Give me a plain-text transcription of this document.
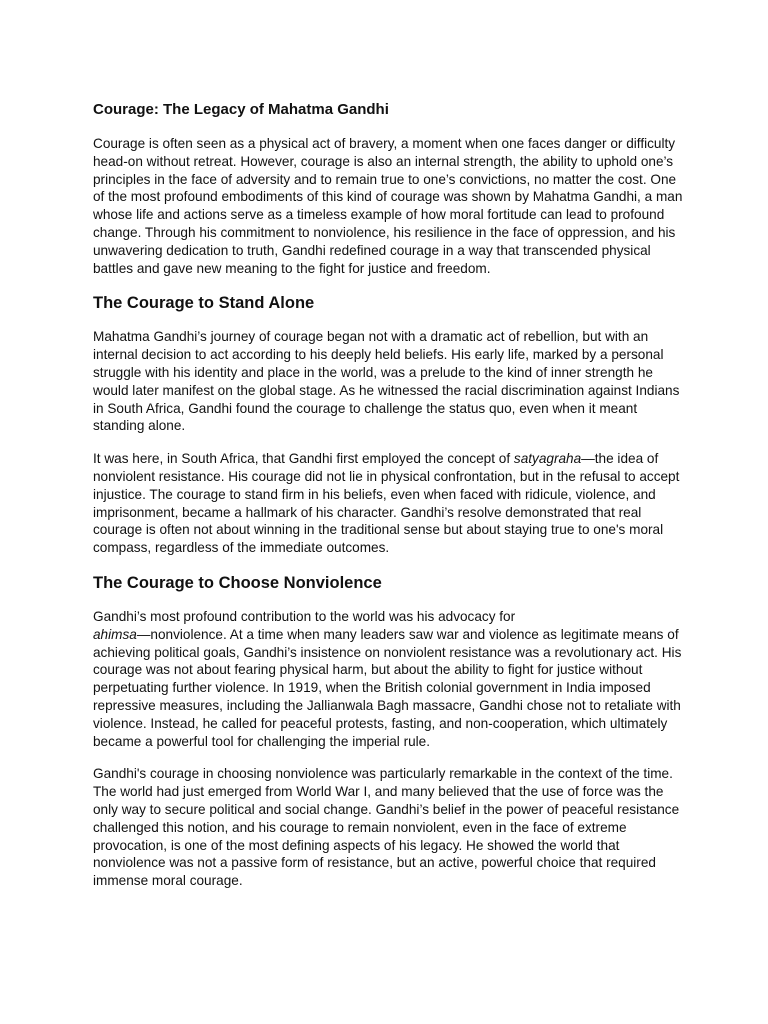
Courage: The Legacy of Mahatma Gandhi

Courage is often seen as a physical act of bravery, a moment when one faces danger or difficulty head-on without retreat. However, courage is also an internal strength, the ability to uphold one’s principles in the face of adversity and to remain true to one’s convictions, no matter the cost. One of the most profound embodiments of this kind of courage was shown by Mahatma Gandhi, a man whose life and actions serve as a timeless example of how moral fortitude can lead to profound change. Through his commitment to nonviolence, his resilience in the face of oppression, and his unwavering dedication to truth, Gandhi redefined courage in a way that transcended physical battles and gave new meaning to the fight for justice and freedom.

The Courage to Stand Alone

Mahatma Gandhi’s journey of courage began not with a dramatic act of rebellion, but with an internal decision to act according to his deeply held beliefs. His early life, marked by a personal struggle with his identity and place in the world, was a prelude to the kind of inner strength he would later manifest on the global stage. As he witnessed the racial discrimination against Indians in South Africa, Gandhi found the courage to challenge the status quo, even when it meant standing alone.

It was here, in South Africa, that Gandhi first employed the concept of satyagraha—the idea of nonviolent resistance. His courage did not lie in physical confrontation, but in the refusal to accept injustice. The courage to stand firm in his beliefs, even when faced with ridicule, violence, and imprisonment, became a hallmark of his character. Gandhi’s resolve demonstrated that real courage is often not about winning in the traditional sense but about staying true to one's moral compass, regardless of the immediate outcomes.

The Courage to Choose Nonviolence

Gandhi’s most profound contribution to the world was his advocacy for
ahimsa—nonviolence. At a time when many leaders saw war and violence as legitimate means of achieving political goals, Gandhi’s insistence on nonviolent resistance was a revolutionary act. His courage was not about fearing physical harm, but about the ability to fight for justice without perpetuating further violence. In 1919, when the British colonial government in India imposed repressive measures, including the Jallianwala Bagh massacre, Gandhi chose not to retaliate with violence. Instead, he called for peaceful protests, fasting, and non-cooperation, which ultimately became a powerful tool for challenging the imperial rule.

Gandhi's courage in choosing nonviolence was particularly remarkable in the context of the time. The world had just emerged from World War I, and many believed that the use of force was the only way to secure political and social change. Gandhi’s belief in the power of peaceful resistance challenged this notion, and his courage to remain nonviolent, even in the face of extreme provocation, is one of the most defining aspects of his legacy. He showed the world that nonviolence was not a passive form of resistance, but an active, powerful choice that required immense moral courage.
